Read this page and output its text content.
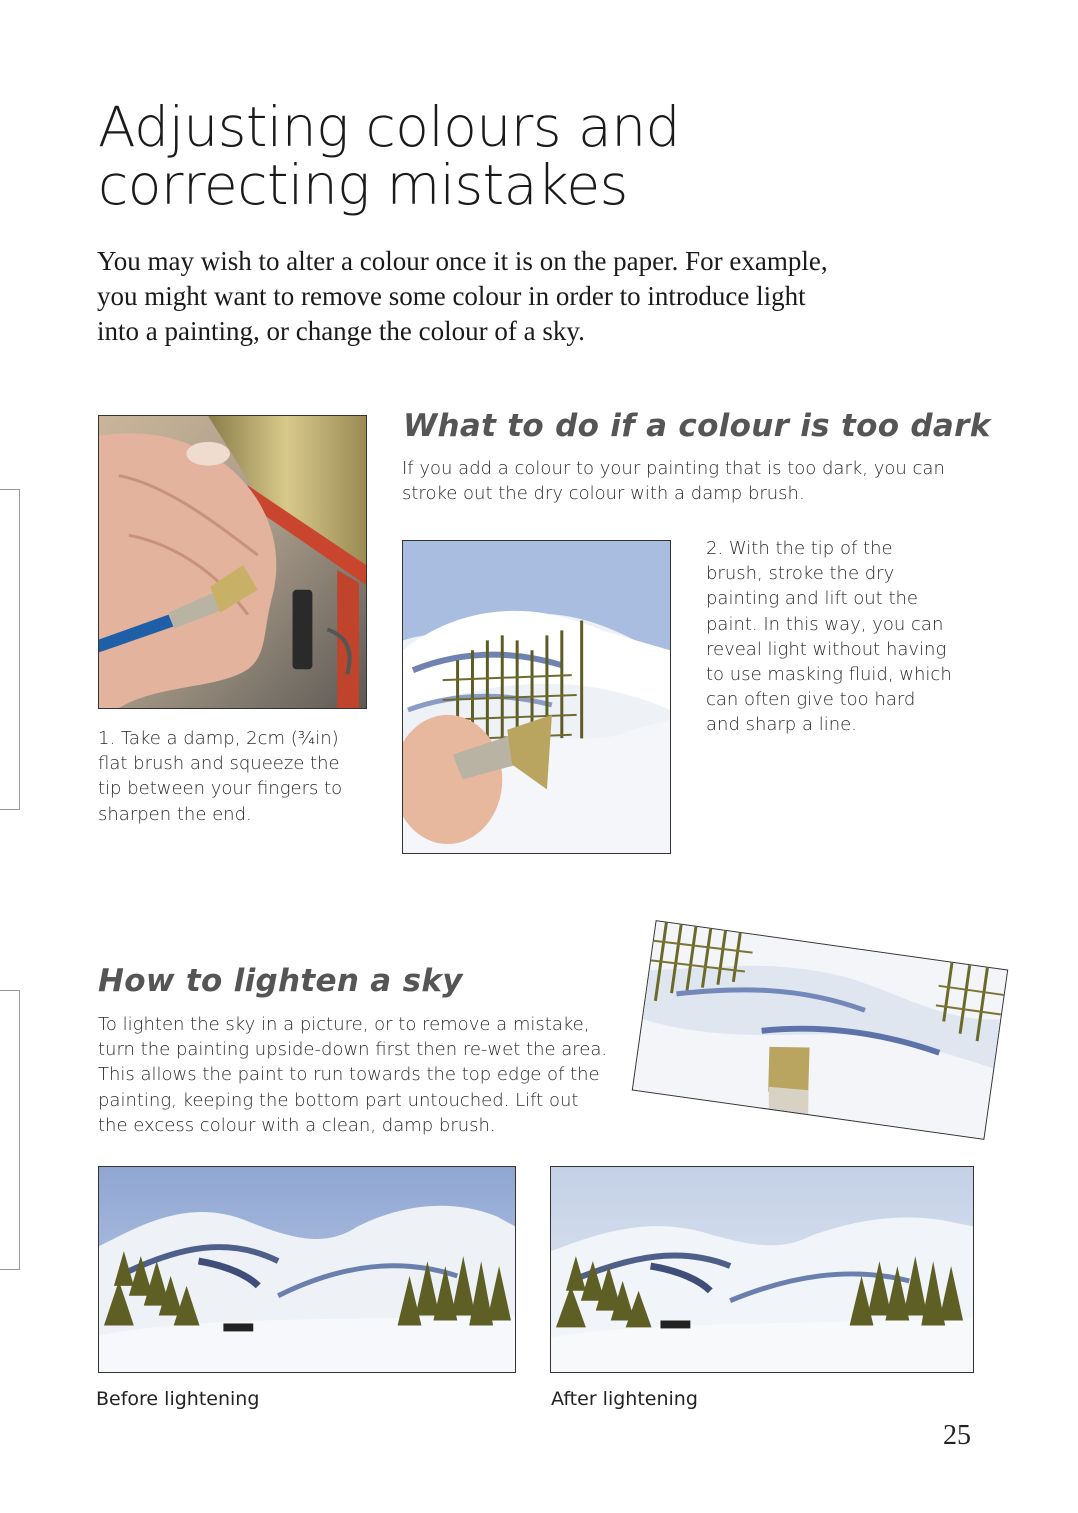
Adjusting colours and
correcting mistakes
You may wish to alter a colour once it is on the paper. For example,
you might want to remove some colour in order to introduce light
into a painting, or change the colour of a sky.
1. Take a damp, 2cm (¾in)
flat brush and squeeze the
tip between your fingers to
sharpen the end.
What to do if a colour is too dark
If you add a colour to your painting that is too dark, you can
stroke out the dry colour with a damp brush.
2. With the tip of the
brush, stroke the dry
painting and lift out the
paint. In this way, you can
reveal light without having
to use masking fluid, which
can often give too hard
and sharp a line.
How to lighten a sky
To lighten the sky in a picture, or to remove a mistake,
turn the painting upside-down first then re-wet the area.
This allows the paint to run towards the top edge of the
painting, keeping the bottom part untouched. Lift out
the excess colour with a clean, damp brush.
Before lightening	After lightening
25
